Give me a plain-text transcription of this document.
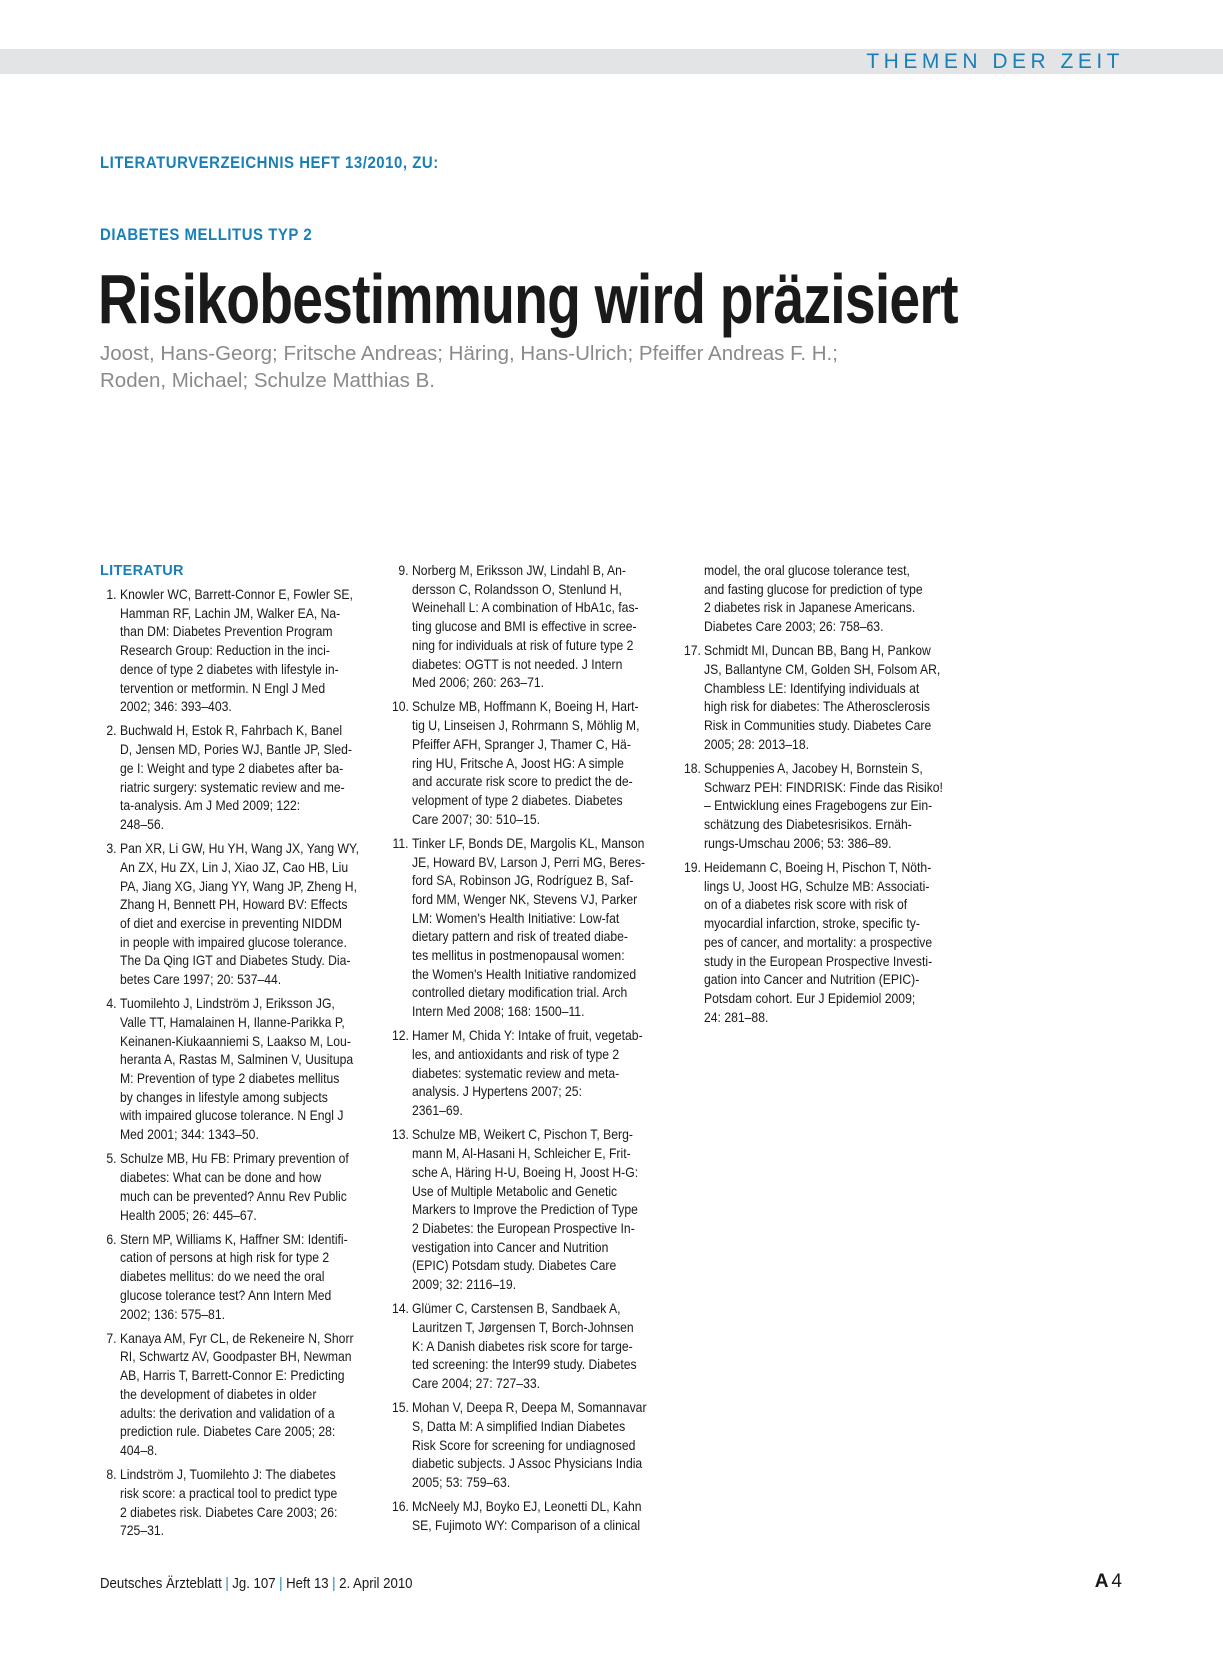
THEMEN DER ZEIT
LITERATURVERZEICHNIS HEFT 13/2010, ZU:
DIABETES MELLITUS TYP 2
Risikobestimmung wird präzisiert
Joost, Hans-Georg; Fritsche Andreas; Häring, Hans-Ulrich; Pfeiffer Andreas F. H.;
Roden, Michael; Schulze Matthias B.
LITERATUR
1. Knowler WC, Barrett-Connor E, Fowler SE,
Hamman RF, Lachin JM, Walker EA, Na-
than DM: Diabetes Prevention Program
Research Group: Reduction in the inci-
dence of type 2 diabetes with lifestyle in-
tervention or metformin. N Engl J Med
2002; 346: 393–403.
2. Buchwald H, Estok R, Fahrbach K, Banel
D, Jensen MD, Pories WJ, Bantle JP, Sled-
ge I: Weight and type 2 diabetes after ba-
riatric surgery: systematic review and me-
ta-analysis. Am J Med 2009; 122:
248–56.
3. Pan XR, Li GW, Hu YH, Wang JX, Yang WY,
An ZX, Hu ZX, Lin J, Xiao JZ, Cao HB, Liu
PA, Jiang XG, Jiang YY, Wang JP, Zheng H,
Zhang H, Bennett PH, Howard BV: Effects
of diet and exercise in preventing NIDDM
in people with impaired glucose tolerance.
The Da Qing IGT and Diabetes Study. Dia-
betes Care 1997; 20: 537–44.
4. Tuomilehto J, Lindström J, Eriksson JG,
Valle TT, Hamalainen H, Ilanne-Parikka P,
Keinanen-Kiukaanniemi S, Laakso M, Lou-
heranta A, Rastas M, Salminen V, Uusitupa
M: Prevention of type 2 diabetes mellitus
by changes in lifestyle among subjects
with impaired glucose tolerance. N Engl J
Med 2001; 344: 1343–50.
5. Schulze MB, Hu FB: Primary prevention of
diabetes: What can be done and how
much can be prevented? Annu Rev Public
Health 2005; 26: 445–67.
6. Stern MP, Williams K, Haffner SM: Identifi-
cation of persons at high risk for type 2
diabetes mellitus: do we need the oral
glucose tolerance test? Ann Intern Med
2002; 136: 575–81.
7. Kanaya AM, Fyr CL, de Rekeneire N, Shorr
RI, Schwartz AV, Goodpaster BH, Newman
AB, Harris T, Barrett-Connor E: Predicting
the development of diabetes in older
adults: the derivation and validation of a
prediction rule. Diabetes Care 2005; 28:
404–8.
8. Lindström J, Tuomilehto J: The diabetes
risk score: a practical tool to predict type
2 diabetes risk. Diabetes Care 2003; 26:
725–31.
9. Norberg M, Eriksson JW, Lindahl B, An-
dersson C, Rolandsson O, Stenlund H,
Weinehall L: A combination of HbA1c, fas-
ting glucose and BMI is effective in scree-
ning for individuals at risk of future type 2
diabetes: OGTT is not needed. J Intern
Med 2006; 260: 263–71.
10. Schulze MB, Hoffmann K, Boeing H, Hart-
tig U, Linseisen J, Rohrmann S, Möhlig M,
Pfeiffer AFH, Spranger J, Thamer C, Hä-
ring HU, Fritsche A, Joost HG: A simple
and accurate risk score to predict the de-
velopment of type 2 diabetes. Diabetes
Care 2007; 30: 510–15.
11. Tinker LF, Bonds DE, Margolis KL, Manson
JE, Howard BV, Larson J, Perri MG, Beres-
ford SA, Robinson JG, Rodríguez B, Saf-
ford MM, Wenger NK, Stevens VJ, Parker
LM: Women's Health Initiative: Low-fat
dietary pattern and risk of treated diabe-
tes mellitus in postmenopausal women:
the Women's Health Initiative randomized
controlled dietary modification trial. Arch
Intern Med 2008; 168: 1500–11.
12. Hamer M, Chida Y: Intake of fruit, vegetab-
les, and antioxidants and risk of type 2
diabetes: systematic review and meta-
analysis. J Hypertens 2007; 25:
2361–69.
13. Schulze MB, Weikert C, Pischon T, Berg-
mann M, Al-Hasani H, Schleicher E, Frit-
sche A, Häring H-U, Boeing H, Joost H-G:
Use of Multiple Metabolic and Genetic
Markers to Improve the Prediction of Type
2 Diabetes: the European Prospective In-
vestigation into Cancer and Nutrition
(EPIC) Potsdam study. Diabetes Care
2009; 32: 2116–19.
14. Glümer C, Carstensen B, Sandbaek A,
Lauritzen T, Jørgensen T, Borch-Johnsen
K: A Danish diabetes risk score for targe-
ted screening: the Inter99 study. Diabetes
Care 2004; 27: 727–33.
15. Mohan V, Deepa R, Deepa M, Somannavar
S, Datta M: A simplified Indian Diabetes
Risk Score for screening for undiagnosed
diabetic subjects. J Assoc Physicians India
2005; 53: 759–63.
16. McNeely MJ, Boyko EJ, Leonetti DL, Kahn
SE, Fujimoto WY: Comparison of a clinical
model, the oral glucose tolerance test,
and fasting glucose for prediction of type
2 diabetes risk in Japanese Americans.
Diabetes Care 2003; 26: 758–63.
17. Schmidt MI, Duncan BB, Bang H, Pankow
JS, Ballantyne CM, Golden SH, Folsom AR,
Chambless LE: Identifying individuals at
high risk for diabetes: The Atherosclerosis
Risk in Communities study. Diabetes Care
2005; 28: 2013–18.
18. Schuppenies A, Jacobey H, Bornstein S,
Schwarz PEH: FINDRISK: Finde das Risiko!
– Entwicklung eines Fragebogens zur Ein-
schätzung des Diabetesrisikos. Ernäh-
rungs-Umschau 2006; 53: 386–89.
19. Heidemann C, Boeing H, Pischon T, Nöth-
lings U, Joost HG, Schulze MB: Associati-
on of a diabetes risk score with risk of
myocardial infarction, stroke, specific ty-
pes of cancer, and mortality: a prospective
study in the European Prospective Investi-
gation into Cancer and Nutrition (EPIC)-
Potsdam cohort. Eur J Epidemiol 2009;
24: 281–88.
Deutsches Ärzteblatt | Jg. 107 | Heft 13 | 2. April 2010	A 4
